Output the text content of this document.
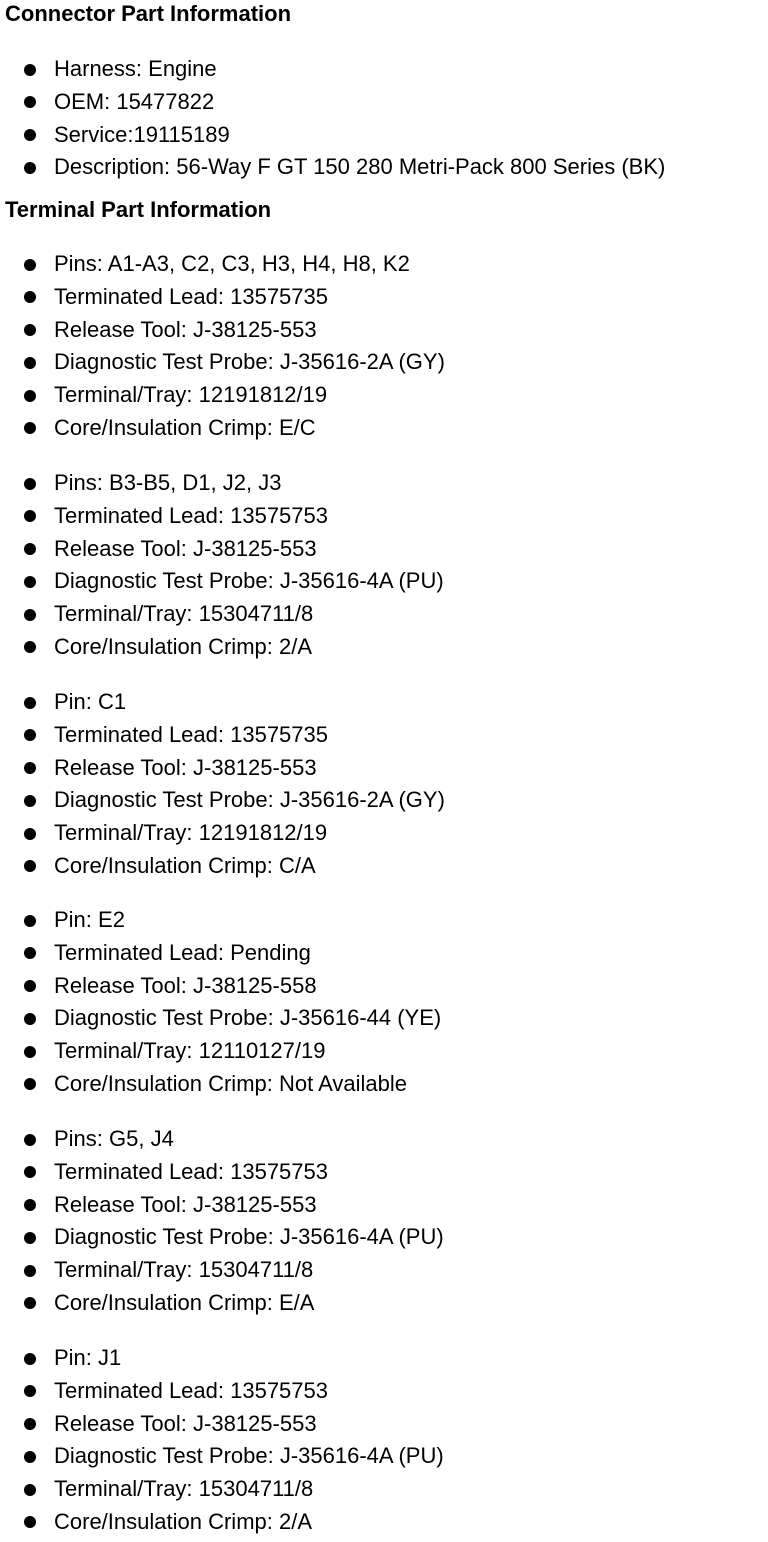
Connector Part Information
Harness: Engine
OEM: 15477822
Service:19115189
Description: 56-Way F GT 150 280 Metri-Pack 800 Series (BK)
Terminal Part Information
Pins: A1-A3, C2, C3, H3, H4, H8, K2
Terminated Lead: 13575735
Release Tool: J-38125-553
Diagnostic Test Probe: J-35616-2A (GY)
Terminal/Tray: 12191812/19
Core/Insulation Crimp: E/C
Pins: B3-B5, D1, J2, J3
Terminated Lead: 13575753
Release Tool: J-38125-553
Diagnostic Test Probe: J-35616-4A (PU)
Terminal/Tray: 15304711/8
Core/Insulation Crimp: 2/A
Pin: C1
Terminated Lead: 13575735
Release Tool: J-38125-553
Diagnostic Test Probe: J-35616-2A (GY)
Terminal/Tray: 12191812/19
Core/Insulation Crimp: C/A
Pin: E2
Terminated Lead: Pending
Release Tool: J-38125-558
Diagnostic Test Probe: J-35616-44 (YE)
Terminal/Tray: 12110127/19
Core/Insulation Crimp: Not Available
Pins: G5, J4
Terminated Lead: 13575753
Release Tool: J-38125-553
Diagnostic Test Probe: J-35616-4A (PU)
Terminal/Tray: 15304711/8
Core/Insulation Crimp: E/A
Pin: J1
Terminated Lead: 13575753
Release Tool: J-38125-553
Diagnostic Test Probe: J-35616-4A (PU)
Terminal/Tray: 15304711/8
Core/Insulation Crimp: 2/A
